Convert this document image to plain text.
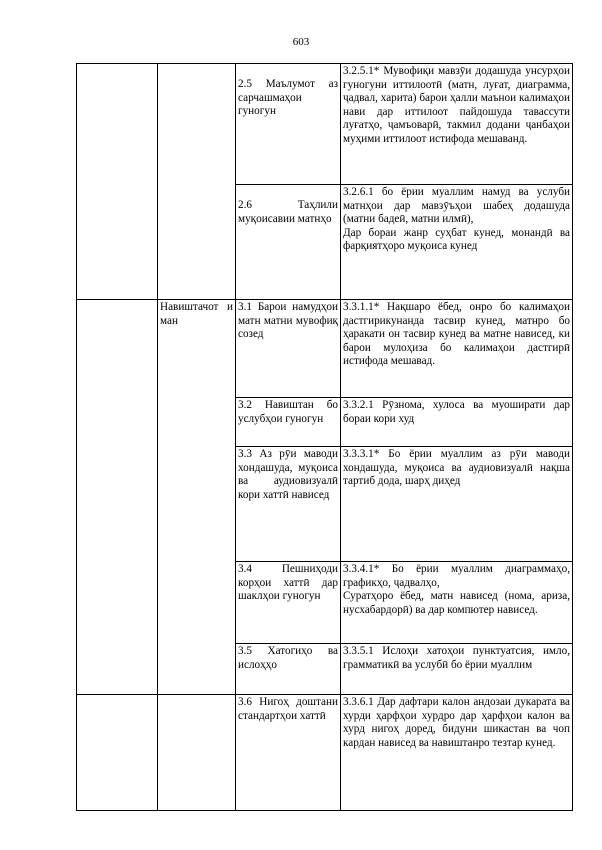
603

		2.5 Маълумот аз сарчашмаҳои гуногун	3.2.5.1* Мувофиқи мавзӯи додашуда унсурҳои гуногуни иттилоотӣ (матн, луғат, диаграмма, ҷадвал, харита) барои ҳалли маънои калимаҳои нави дар иттилоот пайдошуда тавассути луғатҳо, ҷамъоварӣ, такмил додани ҷанбаҳои муҳими иттилоот истифода мешаванд.

		2.6 Таҳлили муқоисавии матнҳо	3.2.6.1 бо ёрии муаллим намуд ва услуби матнҳои дар мавзӯъҳои шабеҳ додашуда (матни бадеӣ, матни илмӣ),

Дар бораи жанр суҳбат кунед, монандӣ ва фарқиятҳоро муқоиса кунед

	Навиштачот и ман	3.1 Барои намудҳои матн матни мувофиқ созед	3.3.1.1* Нақшаро ёбед, онро бо калимаҳои дастгирикунанда тасвир кунед, матнро бо ҳаракати он тасвир кунед ва матне нависед, ки барои мулоҳиза бо калимаҳои дастгирӣ истифода мешавад.

		3.2 Навиштан бо услубҳои гуногун	3.3.2.1 Рӯзнома, хулоса ва муоширати дар бораи кори худ

		3.3 Аз рӯи маводи хондашуда, муқоиса ва аудиовизуалӣ кори хаттӣ нависед	3.3.3.1* Бо ёрии муаллим аз рӯи маводи хондашуда, муқоиса ва аудиовизуалӣ нақша тартиб дода, шарҳ диҳед

		3.4 Пешниҳоди корҳои хаттӣ дар шаклҳои гуногун	3.3.4.1* Бо ёрии муаллим диаграммаҳо, графикҳо, ҷадвалҳо,

Суратҳоро ёбед, матн нависед (нома, ариза, нусхабардорӣ) ва дар компютер нависед.

		3.5 Хатогиҳо ва ислоҳҳо	3.3.5.1 Ислоҳи хатоҳои пунктуатсия, имло, грамматикӣ ва услубӣ бо ёрии муаллим

		3.6 Нигоҳ доштани стандартҳои хаттӣ	3.3.6.1 Дар дафтари калон андозаи дукарата ва хурди ҳарфҳои хурдро дар ҳарфҳои калон ва хурд нигоҳ доред, бидуни шикастан ва чоп кардан нависед ва навиштанро тезтар кунед.
